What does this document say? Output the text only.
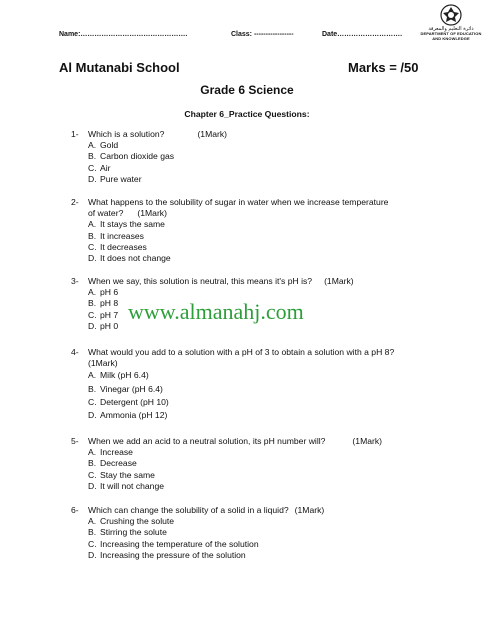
Name:……………………………………….	Class: -----------------	Date……………………….
دائرة التعليم والمعرفة
DEPARTMENT OF EDUCATION
AND KNOWLEDGE
Al Mutanabi School	Marks = /50
Grade 6 Science
Chapter 6_Practice Questions:
1-	Which is a solution?	(1Mark)
A. Gold
B. Carbon dioxide gas
C. Air
D. Pure water
2-	What happens to the solubility of sugar in water when we increase temperature
of water? (1Mark)
A. It stays the same
B. It increases
C. It decreases
D. It does not change
3-	When we say, this solution is neutral, this means it's pH is? (1Mark)
A. pH 6
B. pH 8
C. pH 7
D. pH 0
www.almanahj.com
4-	What would you add to a solution with a pH of 3 to obtain a solution with a pH 8?
(1Mark)
A. Milk (pH 6.4)
B. Vinegar (pH 6.4)
C. Detergent (pH 10)
D. Ammonia (pH 12)
5-	When we add an acid to a neutral solution, its pH number will?	(1Mark)
A. Increase
B. Decrease
C. Stay the same
D. It will not change
6-	Which can change the solubility of a solid in a liquid? (1Mark)
A. Crushing the solute
B. Stirring the solute
C. Increasing the temperature of the solution
D. Increasing the pressure of the solution
